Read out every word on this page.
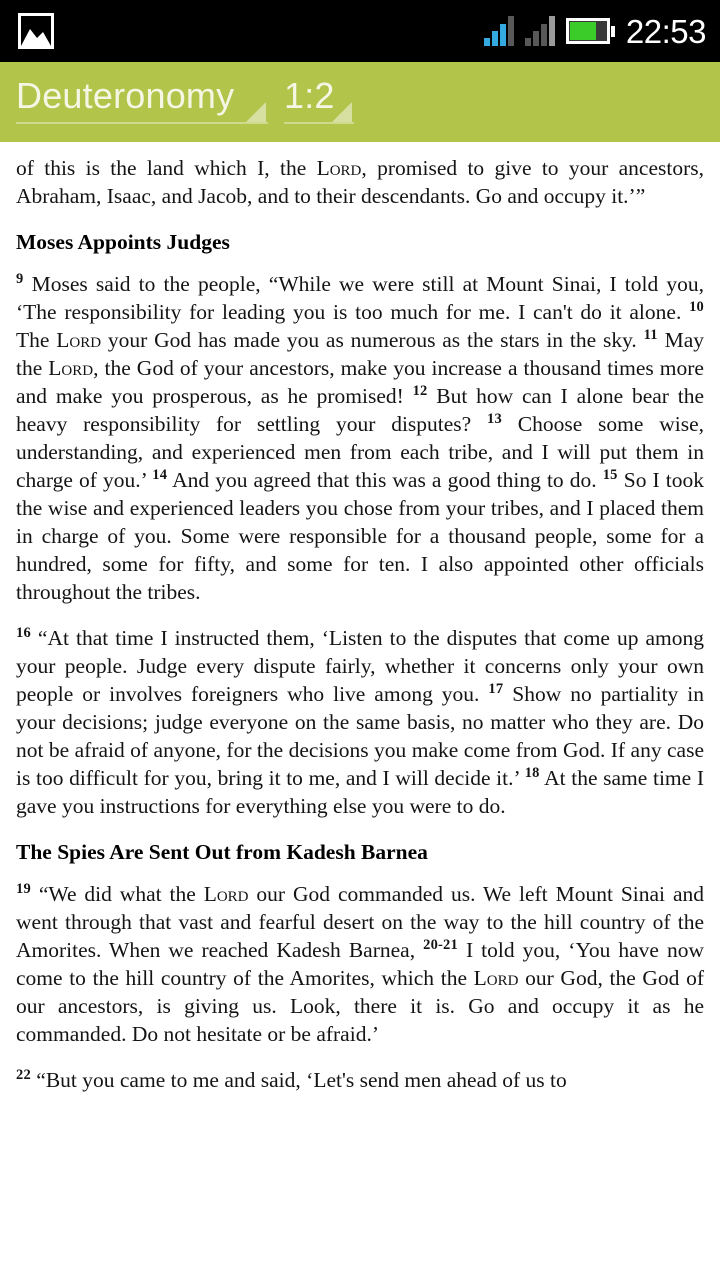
22:53
Deuteronomy 1:2

of this is the land which I, the Lord, promised to give to your ancestors, Abraham, Isaac, and Jacob, and to their descendants. Go and occupy it.’”

Moses Appoints Judges

$^9$ Moses said to the people, “While we were still at Mount Sinai, I told you, ‘The responsibility for leading you is too much for me. I can't do it alone. $^{10}$ The Lord your God has made you as numerous as the stars in the sky. $^{11}$ May the Lord, the God of your ancestors, make you increase a thousand times more and make you prosperous, as he promised! $^{12}$ But how can I alone bear the heavy responsibility for settling your disputes? $^{13}$ Choose some wise, understanding, and experienced men from each tribe, and I will put them in charge of you.’ $^{14}$ And you agreed that this was a good thing to do. $^{15}$ So I took the wise and experienced leaders you chose from your tribes, and I placed them in charge of you. Some were responsible for a thousand people, some for a hundred, some for fifty, and some for ten. I also appointed other officials throughout the tribes.

$^{16}$ “At that time I instructed them, ‘Listen to the disputes that come up among your people. Judge every dispute fairly, whether it concerns only your own people or involves foreigners who live among you. $^{17}$ Show no partiality in your decisions; judge everyone on the same basis, no matter who they are. Do not be afraid of anyone, for the decisions you make come from God. If any case is too difficult for you, bring it to me, and I will decide it.’ $^{18}$ At the same time I gave you instructions for everything else you were to do.

The Spies Are Sent Out from Kadesh Barnea

$^{19}$ “We did what the Lord our God commanded us. We left Mount Sinai and went through that vast and fearful desert on the way to the hill country of the Amorites. When we reached Kadesh Barnea, $^{20-21}$ I told you, ‘You have now come to the hill country of the Amorites, which the Lord our God, the God of our ancestors, is giving us. Look, there it is. Go and occupy it as he commanded. Do not hesitate or be afraid.’

$^{22}$ “But you came to me and said, ‘Let's send men ahead of us to
